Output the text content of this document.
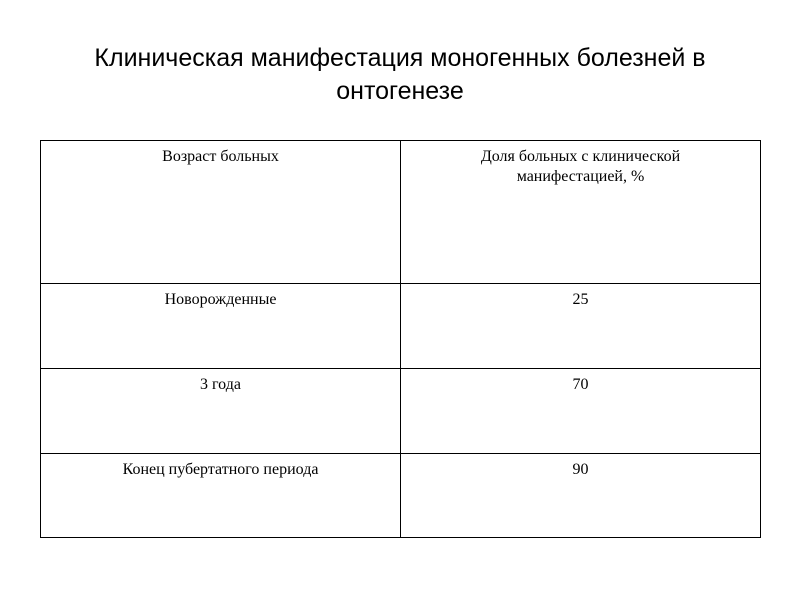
Клиническая манифестация моногенных болезней в онтогенезе
Возраст больных	Доля больных с клинической манифестацией, %
Новорожденные	25
3 года	70
Конец пубертатного периода	90
